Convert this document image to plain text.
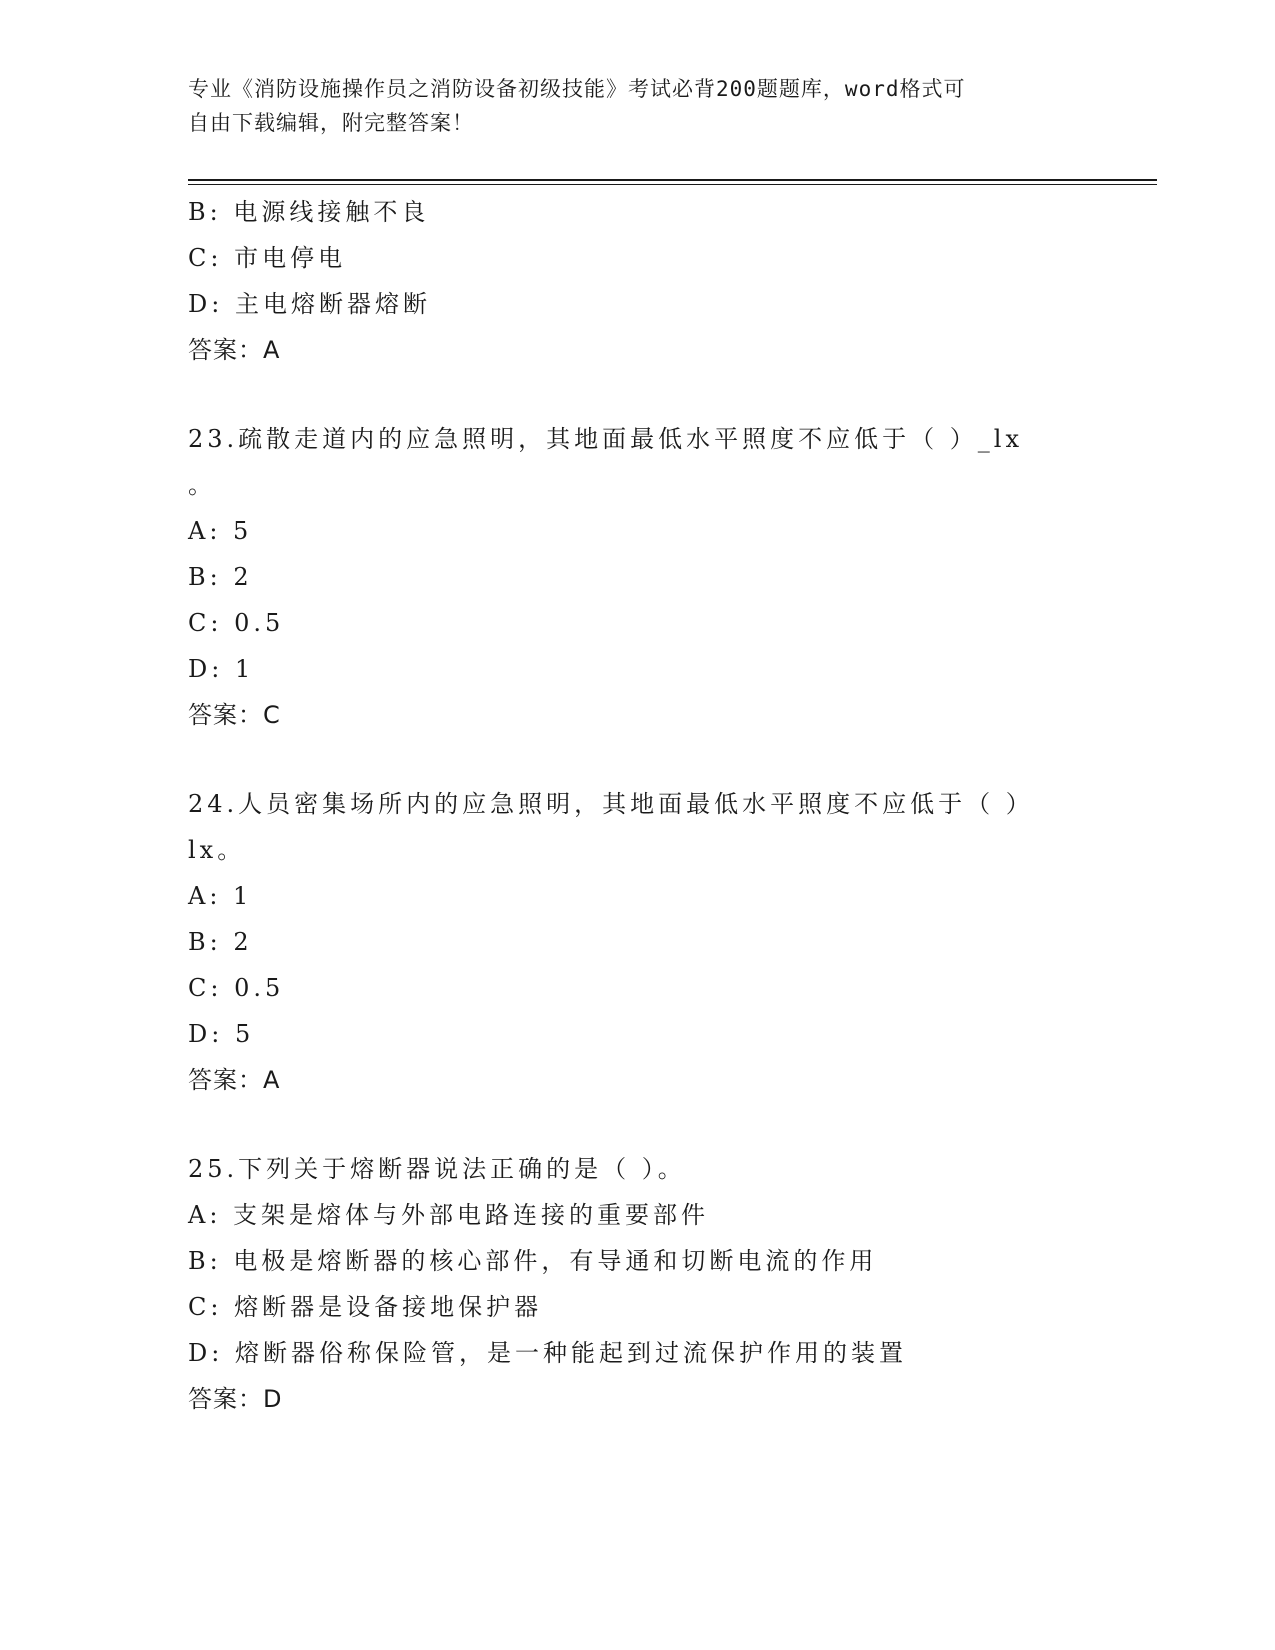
专业《消防设施操作员之消防设备初级技能》考试必背200题题库，word格式可
自由下载编辑，附完整答案！
B: 电源线接触不良
C: 市电停电
D: 主电熔断器熔断
答案：A
23.疏散走道内的应急照明，其地面最低水平照度不应低于（ ）_lx
。
A: 5
B: 2
C: 0.5
D: 1
答案：C
24.人员密集场所内的应急照明，其地面最低水平照度不应低于（ ）
lx。
A: 1
B: 2
C: 0.5
D: 5
答案：A
25.下列关于熔断器说法正确的是（ ）。
A: 支架是熔体与外部电路连接的重要部件
B: 电极是熔断器的核心部件，有导通和切断电流的作用
C: 熔断器是设备接地保护器
D: 熔断器俗称保险管，是一种能起到过流保护作用的装置
答案：D
